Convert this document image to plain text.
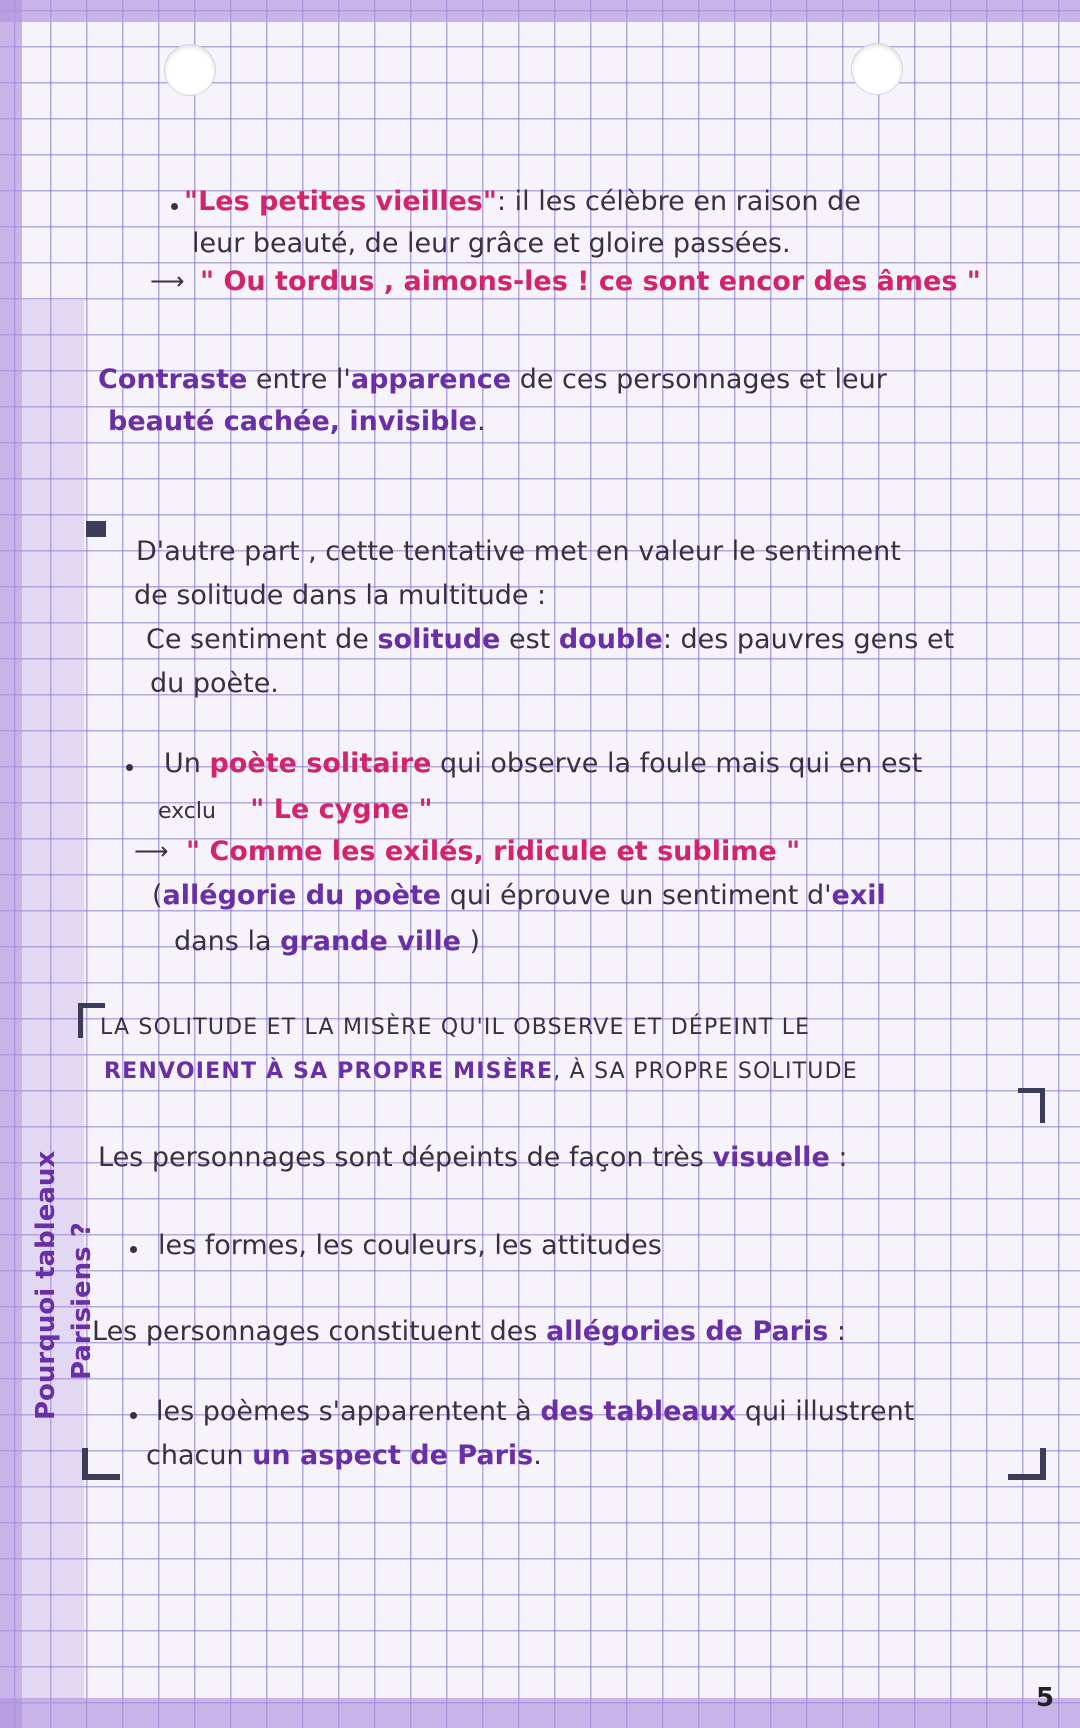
"Les petites vieilles": il les célèbre en raison de
leur beauté, de leur grâce et gloire passées.
⟶ " Ou tordus , aimons-les ! ce sont encor des âmes "
Contraste entre l'apparence de ces personnages et leur
beauté cachée, invisible.
D'autre part , cette tentative met en valeur le sentiment
de solitude dans la multitude :
Ce sentiment de solitude est double: des pauvres gens et
du poète.
Un poète solitaire qui observe la foule mais qui en est
exclu " Le cygne "
⟶ " Comme les exilés, ridicule et sublime "
(allégorie du poète qui éprouve un sentiment d'exil
dans la grande ville )
LA SOLITUDE ET LA MISÈRE QU'IL OBSERVE ET DÉPEINT LE
RENVOIENT À SA PROPRE MISÈRE, À SA PROPRE SOLITUDE
Les personnages sont dépeints de façon très visuelle :
les formes, les couleurs, les attitudes
Les personnages constituent des allégories de Paris :
les poèmes s'apparentent à des tableaux qui illustrent
chacun un aspect de Paris.
Pourquoi tableaux Parisiens ?
5
